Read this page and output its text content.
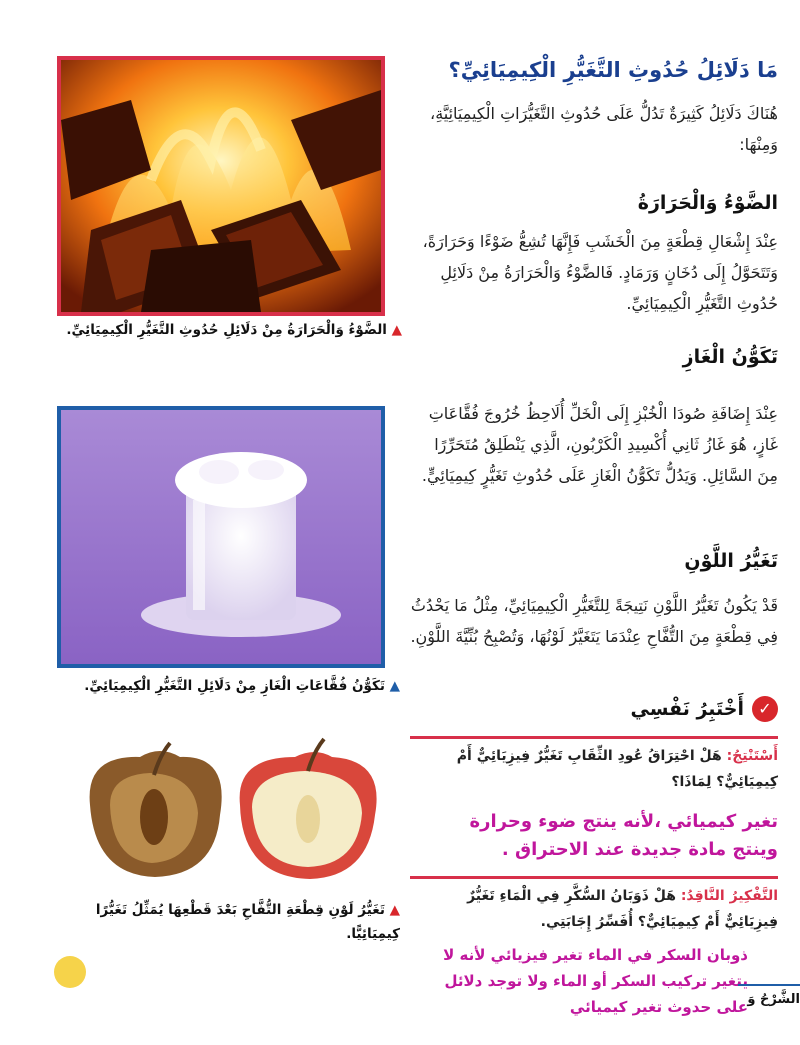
▲ الضَّوْءُ وَالْحَرَارَةُ مِنْ دَلَائِلِ حُدُوثِ التَّغَيُّرِ الْكِيمِيَائِيِّ.
▲ تَكَوُّنُ فُقَّاعَاتِ الْغَازِ مِنْ دَلَائِلِ التَّغَيُّرِ الْكِيمِيَائِيِّ.
▲ تَغَيُّرُ لَوْنِ قِطْعَةِ التُّفَّاحِ بَعْدَ قَطْعِهَا يُمَثِّلُ تَغَيُّرًا
كِيمِيَائِيًّا.
مَا دَلَائِلُ حُدُوثِ التَّغَيُّرِ الْكِيمِيَائِيِّ؟
هُنَاكَ دَلَائِلُ كَثِيرَةٌ تَدُلُّ عَلَى حُدُوثِ التَّغَيُّرَاتِ الْكِيمِيَائِيَّةِ، وَمِنْهَا:
الضَّوْءُ وَالْحَرَارَةُ
عِنْدَ إِشْعَالِ قِطْعَةٍ مِنَ الْخَشَبِ فَإِنَّهَا تُشِعُّ ضَوْءًا وَحَرَارَةً، وَتَتَحَوَّلُ إِلَى دُخَانٍ وَرَمَادٍ. فَالضَّوْءُ وَالْحَرَارَةُ مِنْ دَلَائِلِ حُدُوثِ التَّغَيُّرِ الْكِيمِيَائِيِّ.
تَكَوُّنُ الْغَازِ
عِنْدَ إِضَافَةِ صُودَا الْخُبْزِ إِلَى الْخَلِّ أُلَاحِظُ خُرُوجَ فُقَّاعَاتِ غَازٍ، هُوَ غَازُ ثَانِي أُكْسِيدِ الْكَرْبُونِ، الَّذِي يَنْطَلِقُ مُتَحَرِّرًا مِنَ السَّائِلِ. وَيَدُلُّ تَكَوُّنُ الْغَازِ عَلَى حُدُوثِ تَغَيُّرٍ كِيمِيَائِيٍّ.
تَغَيُّرُ اللَّوْنِ
قَدْ يَكُونُ تَغَيُّرُ اللَّوْنِ نَتِيجَةً لِلتَّغَيُّرِ الْكِيمِيَائِيِّ، مِثْلُ مَا يَحْدُثُ فِي قِطْعَةٍ مِنَ التُّفَّاحِ عِنْدَمَا يَتَغَيَّرُ لَوْنُهَا، وَتُصْبِحُ بُنِّيَّةَ اللَّوْنِ.
✓
أَخْتَبِرُ نَفْسِي
أَسْتَنْتِجُ: هَلْ احْتِرَاقُ عُودِ الثِّقَابِ تَغَيُّرٌ فِيزِيَائِيٌّ أَمْ كِيمِيَائِيٌّ؟ لِمَاذَا؟
تغير كيميائي ،لأنه ينتج ضوء وحرارة
وينتج مادة جديدة عند الاحتراق .
التَّفْكِيرُ النَّاقِدُ: هَلْ ذَوَبَانُ السُّكَّرِ فِي الْمَاءِ تَغَيُّرٌ فِيزِيَائِيٌّ أَمْ كِيمِيَائِيٌّ؟ أُفَسِّرُ إِجَابَتِي.
ذوبان السكر في الماء تغير فيزيائي لأنه لا
يتغير تركيب السكر أو الماء ولا توجد دلائل
على حدوث تغير كيميائي الشَّرْحُ وَ
